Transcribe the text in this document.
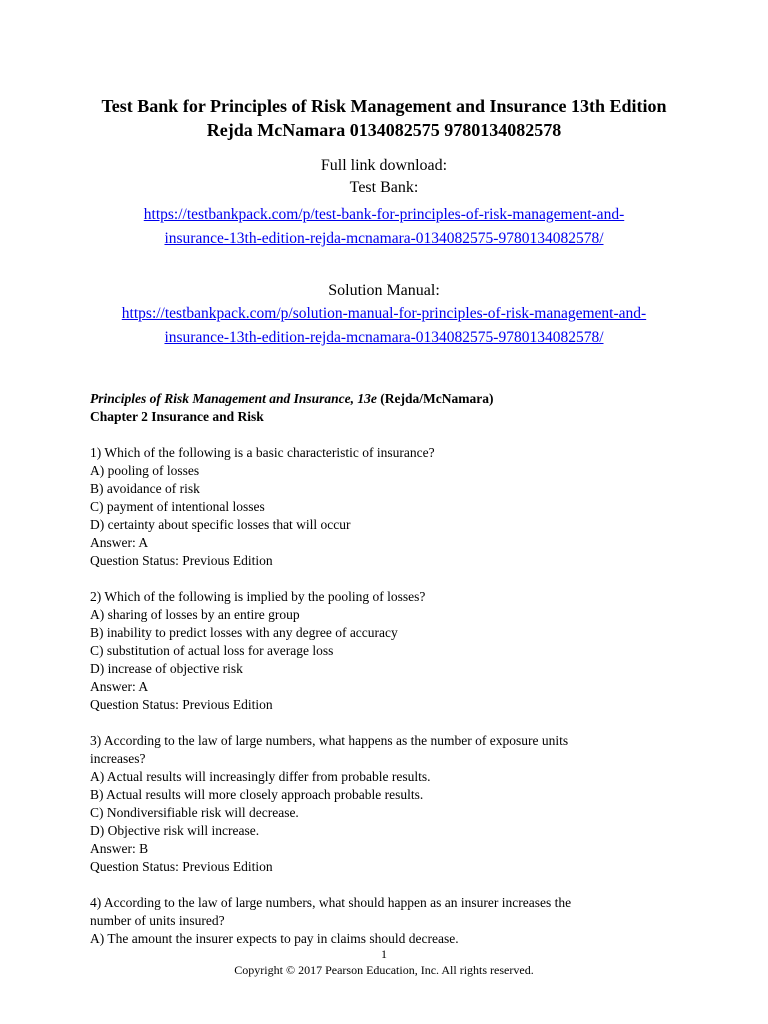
Test Bank for Principles of Risk Management and Insurance 13th Edition
Rejda McNamara 0134082575 9780134082578
Full link download:
Test Bank:
https://testbankpack.com/p/test-bank-for-principles-of-risk-management-and-
insurance-13th-edition-rejda-mcnamara-0134082575-9780134082578/
Solution Manual:
https://testbankpack.com/p/solution-manual-for-principles-of-risk-management-and-
insurance-13th-edition-rejda-mcnamara-0134082575-9780134082578/

Principles of Risk Management and Insurance, 13e (Rejda/McNamara)

Chapter 2 Insurance and Risk

1) Which of the following is a basic characteristic of insurance?
A) pooling of losses
B) avoidance of risk
C) payment of intentional losses
D) certainty about specific losses that will occur
Answer: A
Question Status: Previous Edition
2) Which of the following is implied by the pooling of losses?
A) sharing of losses by an entire group
B) inability to predict losses with any degree of accuracy
C) substitution of actual loss for average loss
D) increase of objective risk
Answer: A
Question Status: Previous Edition
3) According to the law of large numbers, what happens as the number of exposure units
increases?
A) Actual results will increasingly differ from probable results.
B) Actual results will more closely approach probable results.
C) Nondiversifiable risk will decrease.
D) Objective risk will increase.
Answer: B
Question Status: Previous Edition
4) According to the law of large numbers, what should happen as an insurer increases the
number of units insured?
A) The amount the insurer expects to pay in claims should decrease.
1
Copyright © 2017 Pearson Education, Inc. All rights reserved.
